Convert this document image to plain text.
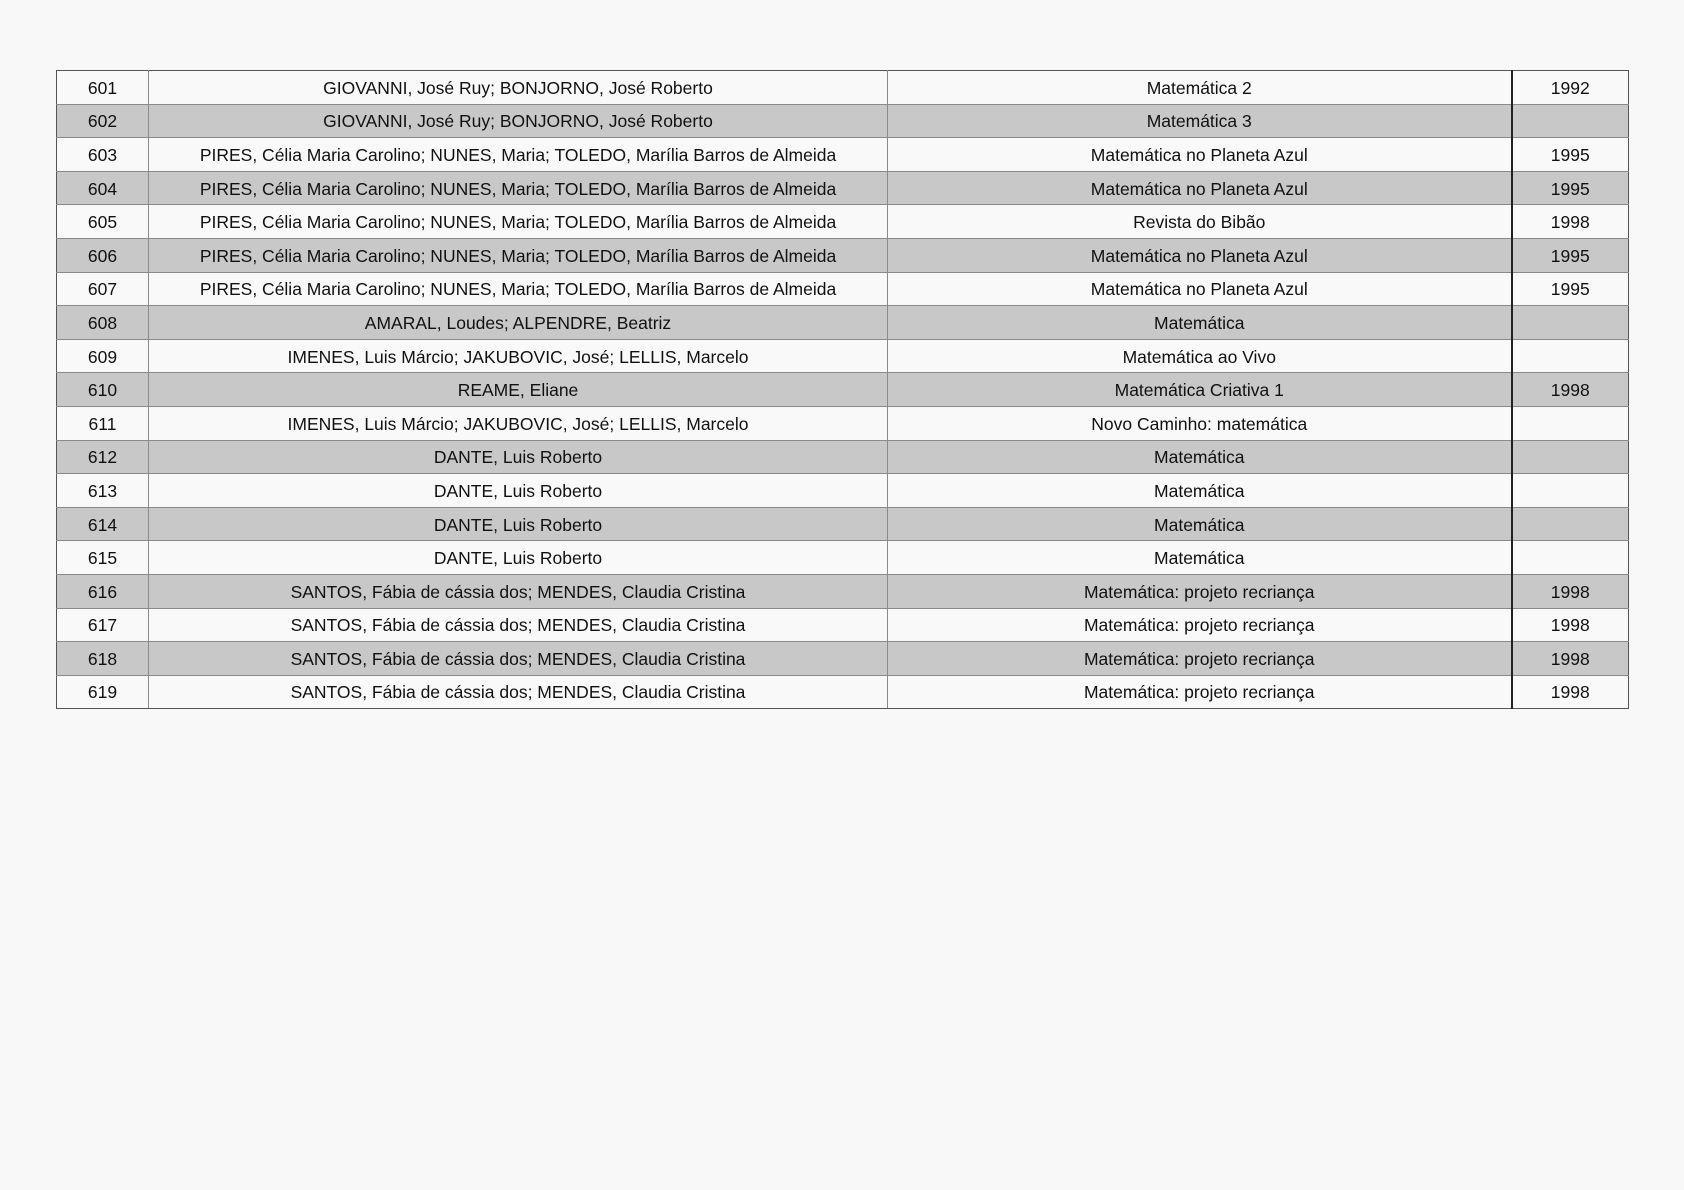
601	GIOVANNI, José Ruy; BONJORNO, José Roberto	Matemática 2	1992
602	GIOVANNI, José Ruy; BONJORNO, José Roberto	Matemática 3	
603	PIRES, Célia Maria Carolino; NUNES, Maria; TOLEDO, Marília Barros de Almeida	Matemática no Planeta Azul	1995
604	PIRES, Célia Maria Carolino; NUNES, Maria; TOLEDO, Marília Barros de Almeida	Matemática no Planeta Azul	1995
605	PIRES, Célia Maria Carolino; NUNES, Maria; TOLEDO, Marília Barros de Almeida	Revista do Bibão	1998
606	PIRES, Célia Maria Carolino; NUNES, Maria; TOLEDO, Marília Barros de Almeida	Matemática no Planeta Azul	1995
607	PIRES, Célia Maria Carolino; NUNES, Maria; TOLEDO, Marília Barros de Almeida	Matemática no Planeta Azul	1995
608	AMARAL, Loudes; ALPENDRE, Beatriz	Matemática	
609	IMENES, Luis Márcio; JAKUBOVIC, José; LELLIS, Marcelo	Matemática ao Vivo	
610	REAME, Eliane	Matemática Criativa 1	1998
611	IMENES, Luis Márcio; JAKUBOVIC, José; LELLIS, Marcelo	Novo Caminho: matemática	
612	DANTE, Luis Roberto	Matemática	
613	DANTE, Luis Roberto	Matemática	
614	DANTE, Luis Roberto	Matemática	
615	DANTE, Luis Roberto	Matemática	
616	SANTOS, Fábia de cássia dos; MENDES, Claudia Cristina	Matemática: projeto recriança	1998
617	SANTOS, Fábia de cássia dos; MENDES, Claudia Cristina	Matemática: projeto recriança	1998
618	SANTOS, Fábia de cássia dos; MENDES, Claudia Cristina	Matemática: projeto recriança	1998
619	SANTOS, Fábia de cássia dos; MENDES, Claudia Cristina	Matemática: projeto recriança	1998
